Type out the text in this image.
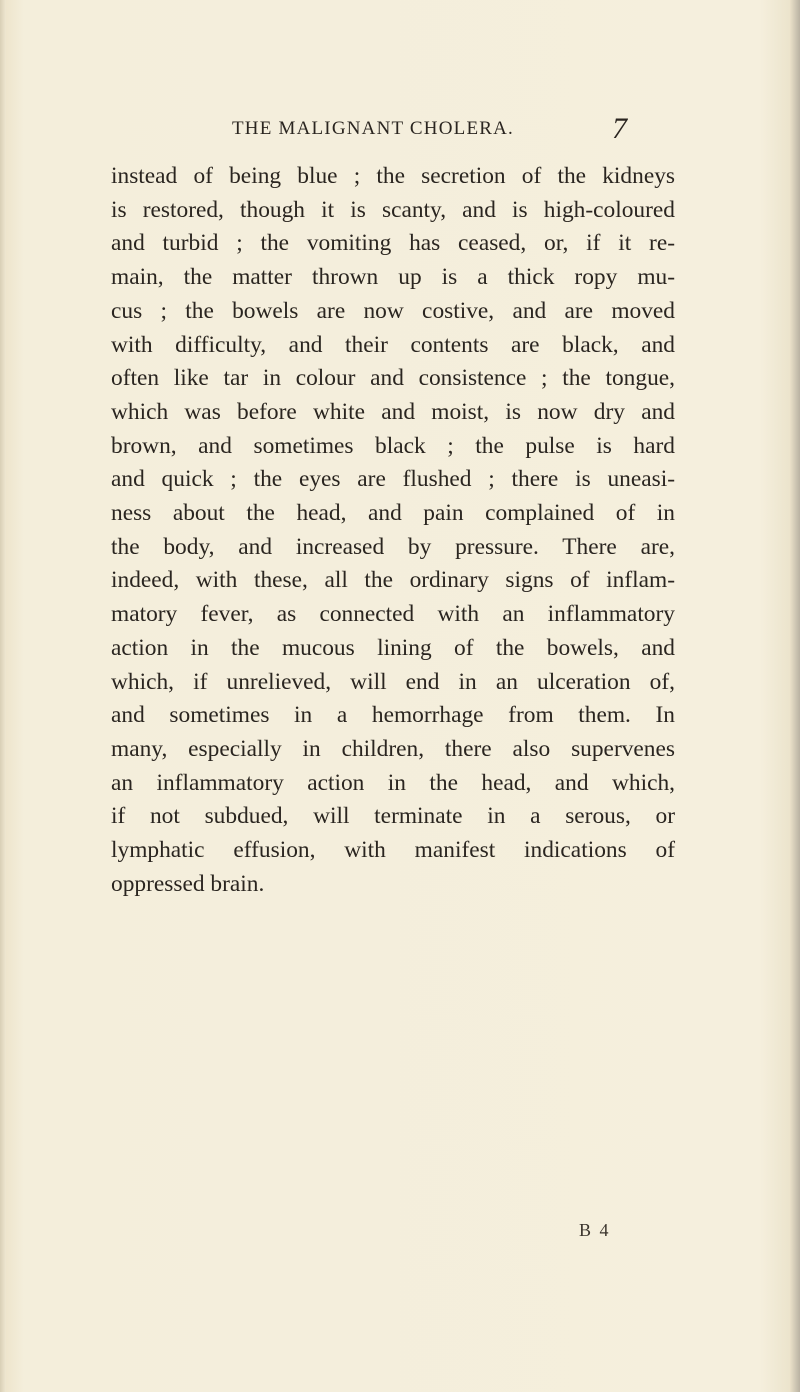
THE MALIGNANT CHOLERA.	7
instead of being blue ; the secretion of the kidneys
is restored, though it is scanty, and is high-coloured
and turbid ; the vomiting has ceased, or, if it re-
main, the matter thrown up is a thick ropy mu-
cus ; the bowels are now costive, and are moved
with difficulty, and their contents are black, and
often like tar in colour and consistence ; the tongue,
which was before white and moist, is now dry and
brown, and sometimes black ; the pulse is hard
and quick ; the eyes are flushed ; there is uneasi-
ness about the head, and pain complained of in
the body, and increased by pressure. There are,
indeed, with these, all the ordinary signs of inflam-
matory fever, as connected with an inflammatory
action in the mucous lining of the bowels, and
which, if unrelieved, will end in an ulceration of,
and sometimes in a hemorrhage from them. In
many, especially in children, there also supervenes
an inflammatory action in the head, and which,
if not subdued, will terminate in a serous, or
lymphatic effusion, with manifest indications of
oppressed brain.
B 4
